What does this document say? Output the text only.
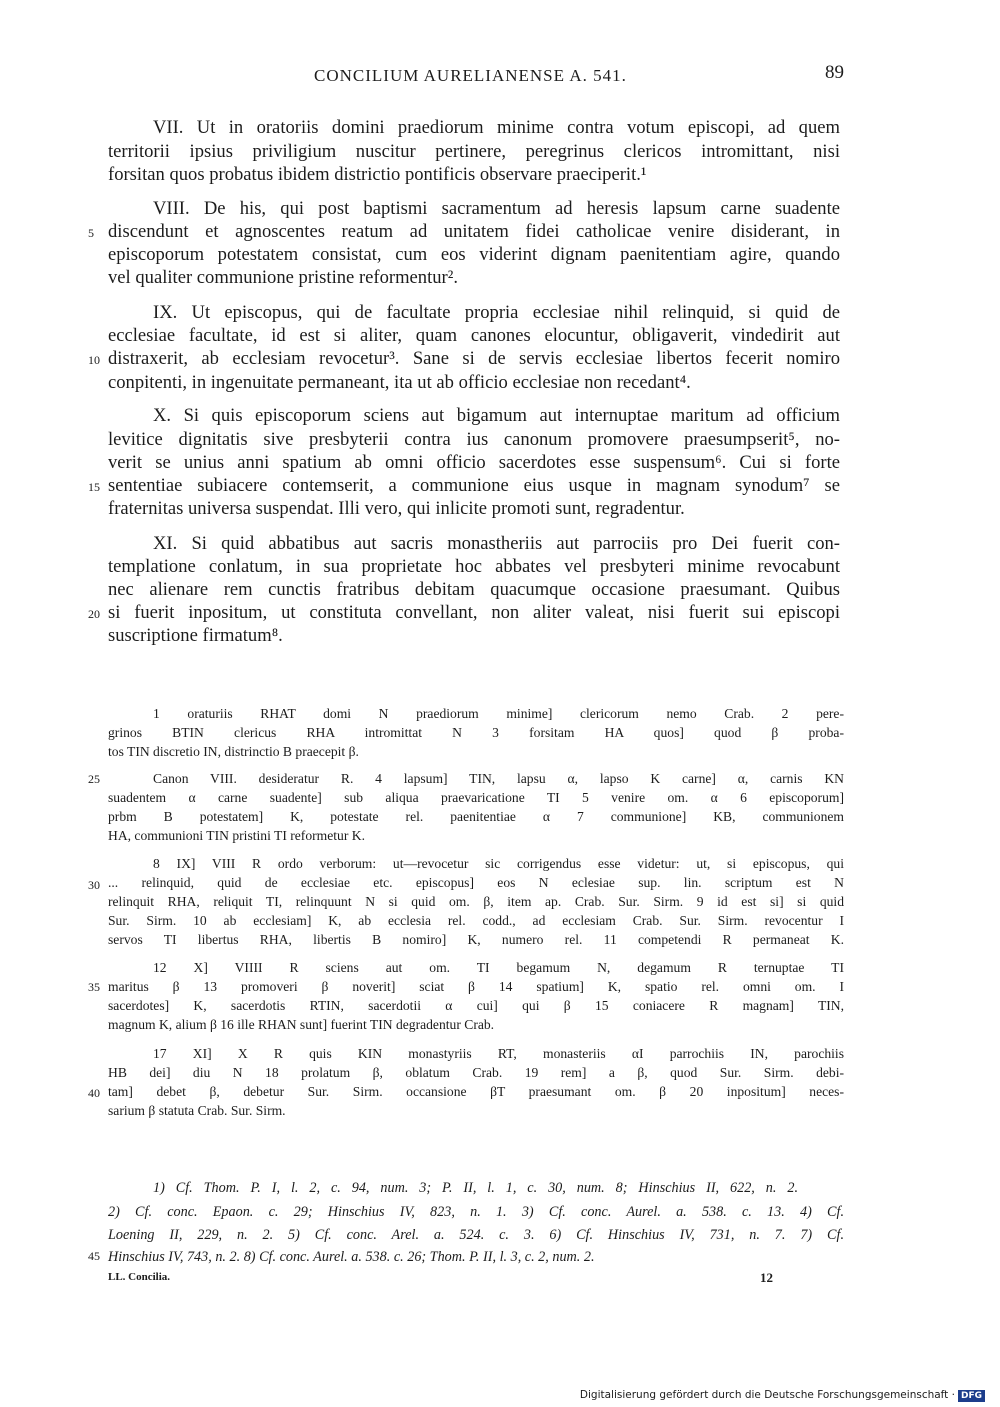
CONCILIUM AURELIANENSE A. 541.	89
VII. Ut in oratoriis domini praediorum minime contra votum episcopi, ad quem
territorii ipsius priviligium nuscitur pertinere, peregrinus clericos intromittant, nisi
forsitan quos probatus ibidem districtio pontificis observare praeciperit.¹
VIII. De his, qui post baptismi sacramentum ad heresis lapsum carne suadente
discendunt et agnoscentes reatum ad unitatem fidei catholicae venire disiderant, in
episcoporum potestatem consistat, cum eos viderint dignam paenitentiam agire, quando
vel qualiter communione pristine reformentur².
IX. Ut episcopus, qui de facultate propria ecclesiae nihil relinquid, si quid de
ecclesiae facultate, id est si aliter, quam canones elocuntur, obligaverit, vindedirit aut
distraxerit, ab ecclesiam revocetur³. Sane si de servis ecclesiae libertos fecerit nomiro
conpitenti, in ingenuitate permaneant, ita ut ab officio ecclesiae non recedant⁴.
X. Si quis episcoporum sciens aut bigamum aut internuptae maritum ad officium
levitice dignitatis sive presbyterii contra ius canonum promovere praesumpserit⁵, no-
verit se unius anni spatium ab omni officio sacerdotes esse suspensum⁶. Cui si forte
sententiae subiacere contemserit, a communione eius usque in magnam synodum⁷ se
fraternitas universa suspendat. Illi vero, qui inlicite promoti sunt, regradentur.
XI. Si quid abbatibus aut sacris monastheriis aut parrociis pro Dei fuerit con-
templatione conlatum, in sua proprietate hoc abbates vel presbyteri minime revocabunt
nec alienare rem cunctis fratribus debitam quacumque occasione praesumant. Quibus
si fuerit inpositum, ut constituta convellant, non aliter valeat, nisi fuerit sui episcopi
suscriptione firmatum⁸.
5
10
15
20
25
30
35
40
45
1 oraturiis RHAT domi N praediorum minime] clericorum nemo Crab. 2 pere-
grinos BTIN clericus RHA intromittat N 3 forsitam HA quos] quod β proba-
tos TIN discretio IN, distrinctio B praecepit β.
Canon VIII. desideratur R. 4 lapsum] TIN, lapsu α, lapso K carne] α, carnis KN
suadentem α carne suadente] sub aliqua praevaricatione TI 5 venire om. α 6 episcoporum]
prbm B potestatem] K, potestate rel. paenitentiae α 7 communione] KB, communionem
HA, communioni TIN pristini TI reformetur K.
8 IX] VIII R ordo verborum: ut—revocetur sic corrigendus esse videtur: ut, si episcopus, qui
... relinquid, quid de ecclesiae etc. episcopus] eos N eclesiae sup. lin. scriptum est N
relinquit RHA, reliquit TI, relinquunt N si quid om. β, item ap. Crab. Sur. Sirm. 9 id est si] si quid
Sur. Sirm. 10 ab ecclesiam] K, ab ecclesia rel. codd., ad ecclesiam Crab. Sur. Sirm. revocentur I
servos TI libertus RHA, libertis B nomiro] K, numero rel. 11 competendi R permaneat K.
12 X] VIIII R sciens aut om. TI begamum N, degamum R ternuptae TI
maritus β 13 promoveri β noverit] sciat β 14 spatium] K, spatio rel. omni om. I
sacerdotes] K, sacerdotis RTIN, sacerdotii α cui] qui β 15 coniacere R magnam] TIN,
magnum K, alium β 16 ille RHAN sunt] fuerint TIN degradentur Crab.
17 XI] X R quis KIN monastyriis RT, monasteriis αI parrochiis IN, parochiis
HB dei] diu N 18 prolatum β, oblatum Crab. 19 rem] a β, quod Sur. Sirm. debi-
tam] debet β, debetur Sur. Sirm. occansione βT praesumant om. β 20 inpositum] neces-
sarium β statuta Crab. Sur. Sirm.
1) Cf. Thom. P. I, l. 2, c. 94, num. 3; P. II, l. 1, c. 30, num. 8; Hinschius II, 622, n. 2.
2) Cf. conc. Epaon. c. 29; Hinschius IV, 823, n. 1. 3) Cf. conc. Aurel. a. 538. c. 13. 4) Cf.
Loening II, 229, n. 2. 5) Cf. conc. Arel. a. 524. c. 3. 6) Cf. Hinschius IV, 731, n. 7. 7) Cf.
Hinschius IV, 743, n. 2. 8) Cf. conc. Aurel. a. 538. c. 26; Thom. P. II, l. 3, c. 2, num. 2.
LL. Concilia.	12
Digitalisierung gefördert durch die Deutsche Forschungsgemeinschaft · DFG
